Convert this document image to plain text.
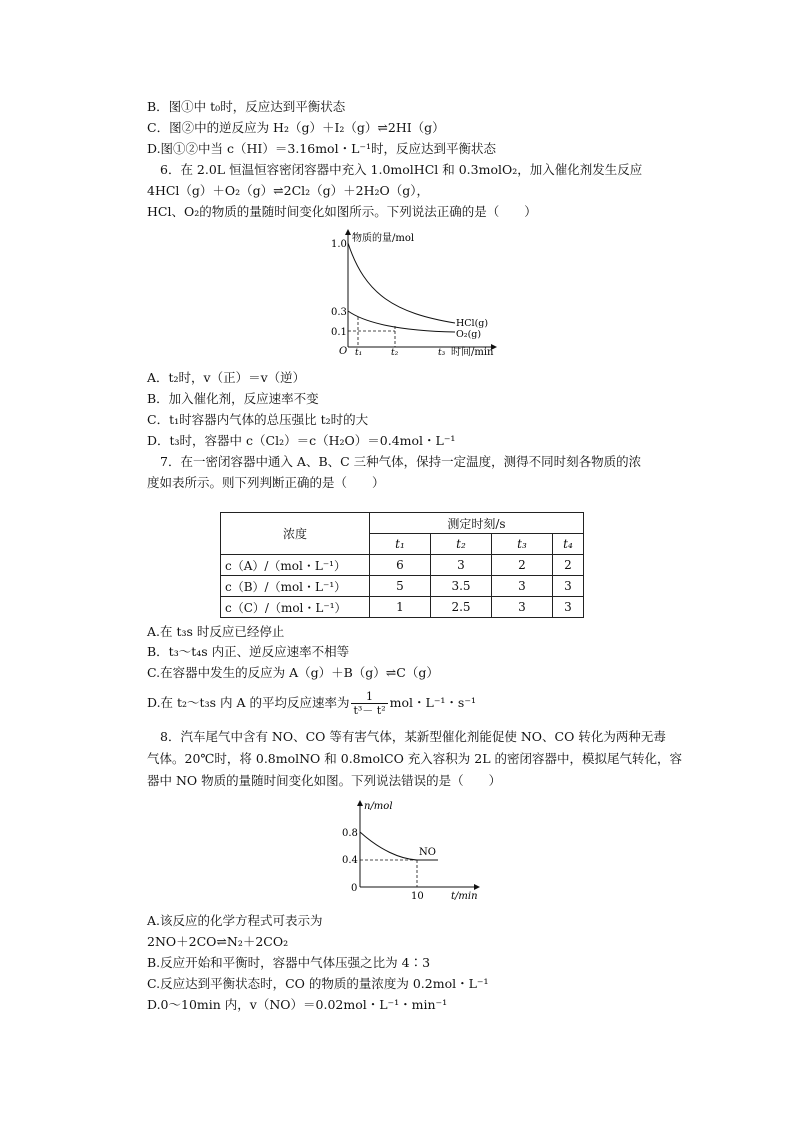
B．图①中 t₀时，反应达到平衡状态
C．图②中的逆反应为 H₂（g）＋I₂（g）⇌2HI（g）
D.图①②中当 c（HI）＝3.16mol・L⁻¹时，反应达到平衡状态
6．在 2.0L 恒温恒容密闭容器中充入 1.0molHCl 和 0.3molO₂，加入催化剂发生反应
4HCl（g）＋O₂（g）⇌2Cl₂（g）＋2H₂O（g），
HCl、O₂的物质的量随时间变化如图所示。下列说法正确的是（　　）
物质的量/mol
时间/min
O
1.0
0.3
0.1
t₁	t₂	t₃
HCl(g)
O₂(g)
A．t₂时，v（正）＝v（逆）
B．加入催化剂，反应速率不变
C．t₁时容器内气体的总压强比 t₂时的大
D．t₃时，容器中 c（Cl₂）＝c（H₂O）＝0.4mol・L⁻¹
7．在一密闭容器中通入 A、B、C 三种气体，保持一定温度，测得不同时刻各物质的浓
度如表所示。则下列判断正确的是（　　）
浓度	测定时刻/s			
	t₁	t₂	t₃	t₄
c（A）/（mol・L⁻¹）	6	3	2	2
c（B）/（mol・L⁻¹）	5	3.5	3	3
c（C）/（mol・L⁻¹）	1	2.5	3	3
A.在 t₃s 时反应已经停止
B．t₃～t₄s 内正、逆反应速率不相等
C.在容器中发生的反应为 A（g）＋B（g）⇌C（g）
D.在 t₂～t₃s 内 A 的平均反应速率为 $\frac{1}{\text{t³－ t²}}$ mol・L⁻¹・s⁻¹
8．汽车尾气中含有 NO、CO 等有害气体，某新型催化剂能促使 NO、CO 转化为两种无毒
气体。20℃时，将 0.8molNO 和 0.8molCO 充入容积为 2L 的密闭容器中，模拟尾气转化，容
器中 NO 物质的量随时间变化如图。下列说法错误的是（　　）
n/mol
t/min
0
0.8
0.4
10
NO
A.该反应的化学方程式可表示为
2NO＋2CO⇌N₂＋2CO₂
B.反应开始和平衡时，容器中气体压强之比为 4∶3
C.反应达到平衡状态时，CO 的物质的量浓度为 0.2mol・L⁻¹
D.0～10min 内，v（NO）＝0.02mol・L⁻¹・min⁻¹
